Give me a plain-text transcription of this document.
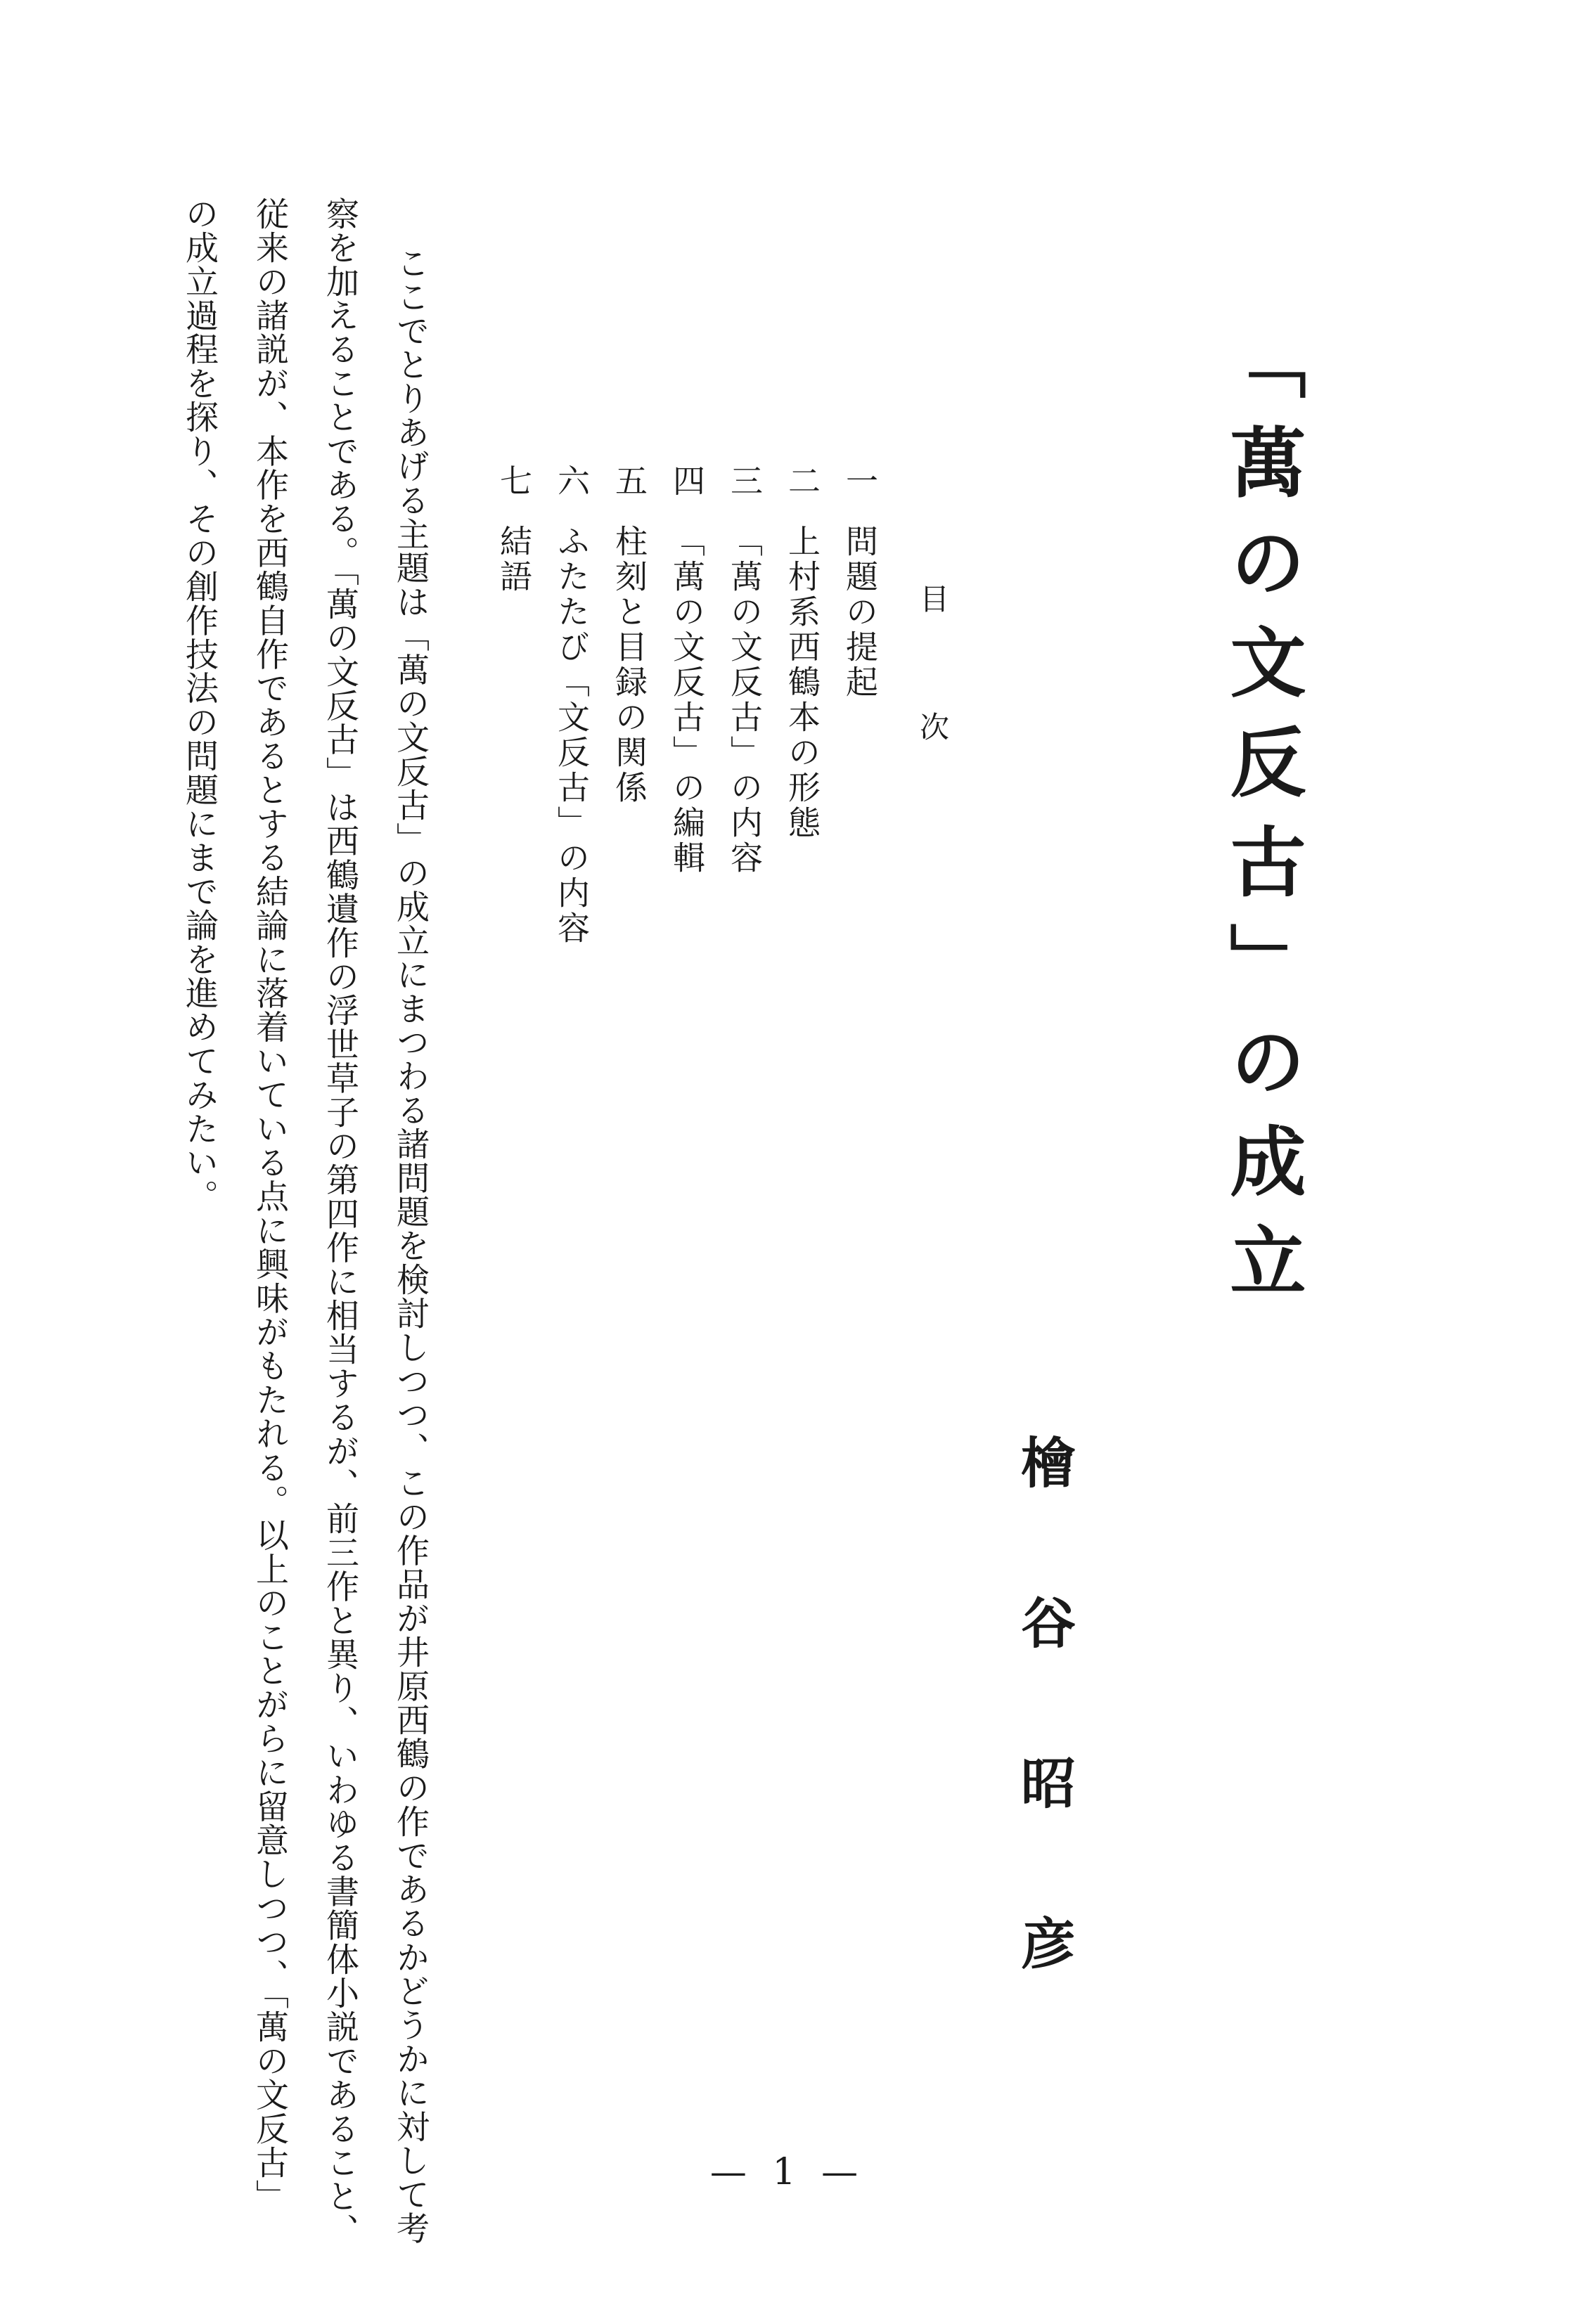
「萬の文反古」の成立
檜谷昭彦
目次
一問題の提起
二上村系西鶴本の形態
三「萬の文反古」の内容
四「萬の文反古」の編輯
五柱刻と目録の関係
六ふたたび「文反古」の内容
七結語
ここでとりあげる主題は「萬の文反古」の成立にまつわる諸問題を検討しつつ、この作品が井原西鶴の作であるかどうかに対して考
察を加えることである。「萬の文反古」は西鶴遺作の浮世草子の第四作に相当するが、前三作と異り、いわゆる書簡体小説であること、
従来の諸説が、本作を西鶴自作であるとする結論に落着いている点に興味がもたれる。以上のことがらに留意しつつ、「萬の文反古」
の成立過程を探り、その創作技法の問題にまで論を進めてみたい。
— 1 —
